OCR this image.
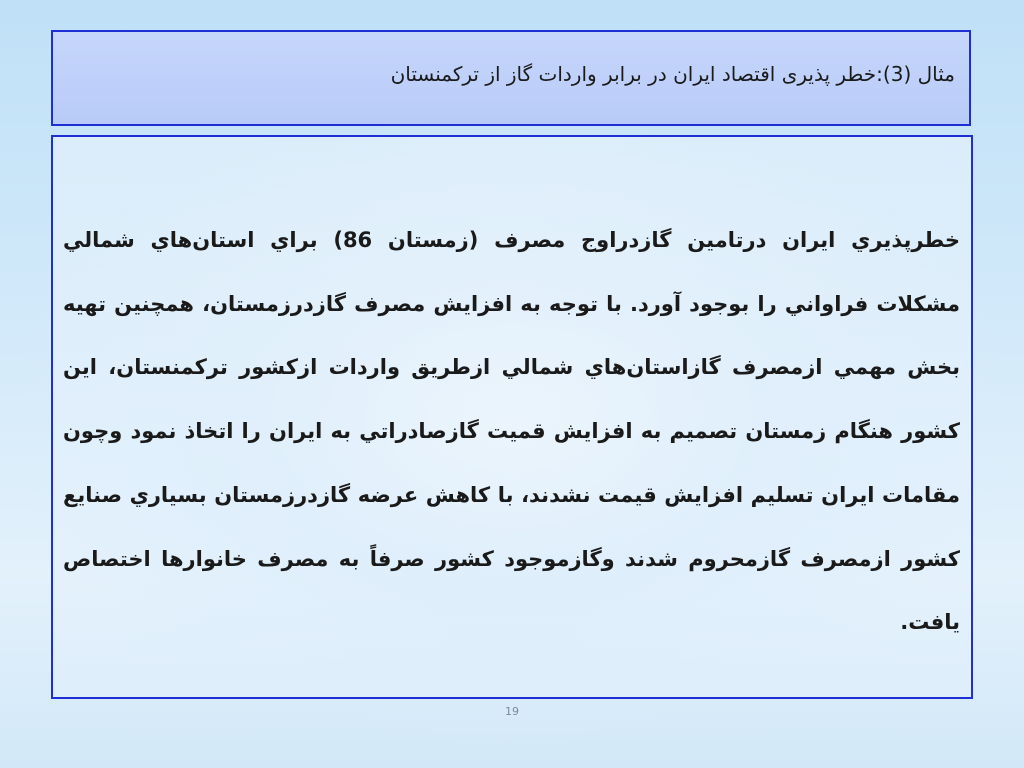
مثال (3):خطر پذیری اقتصاد ایران در برابر واردات گاز از ترکمنستان
خطرپذيري ايران درتامين گازدراوج مصرف (زمستان 86) براي استان‌هاي شمالي مشكلات فراواني را بوجود آورد. با توجه به افزايش مصرف گازدرزمستان، همچنين تهيه بخش مهمي ازمصرف گازاستان‌هاي شمالي ازطريق واردات ازكشور تركمنستان، اين كشور هنگام زمستان تصميم به افزايش قميت گازصادراتي به ايران را اتخاذ نمود وچون مقامات ايران تسليم افزايش قيمت نشدند، با كاهش عرضه گازدرزمستان بسياري صنايع كشور ازمصرف گازمحروم شدند وگازموجود كشور صرفاً به مصرف خانوارها اختصاص يافت.
19
